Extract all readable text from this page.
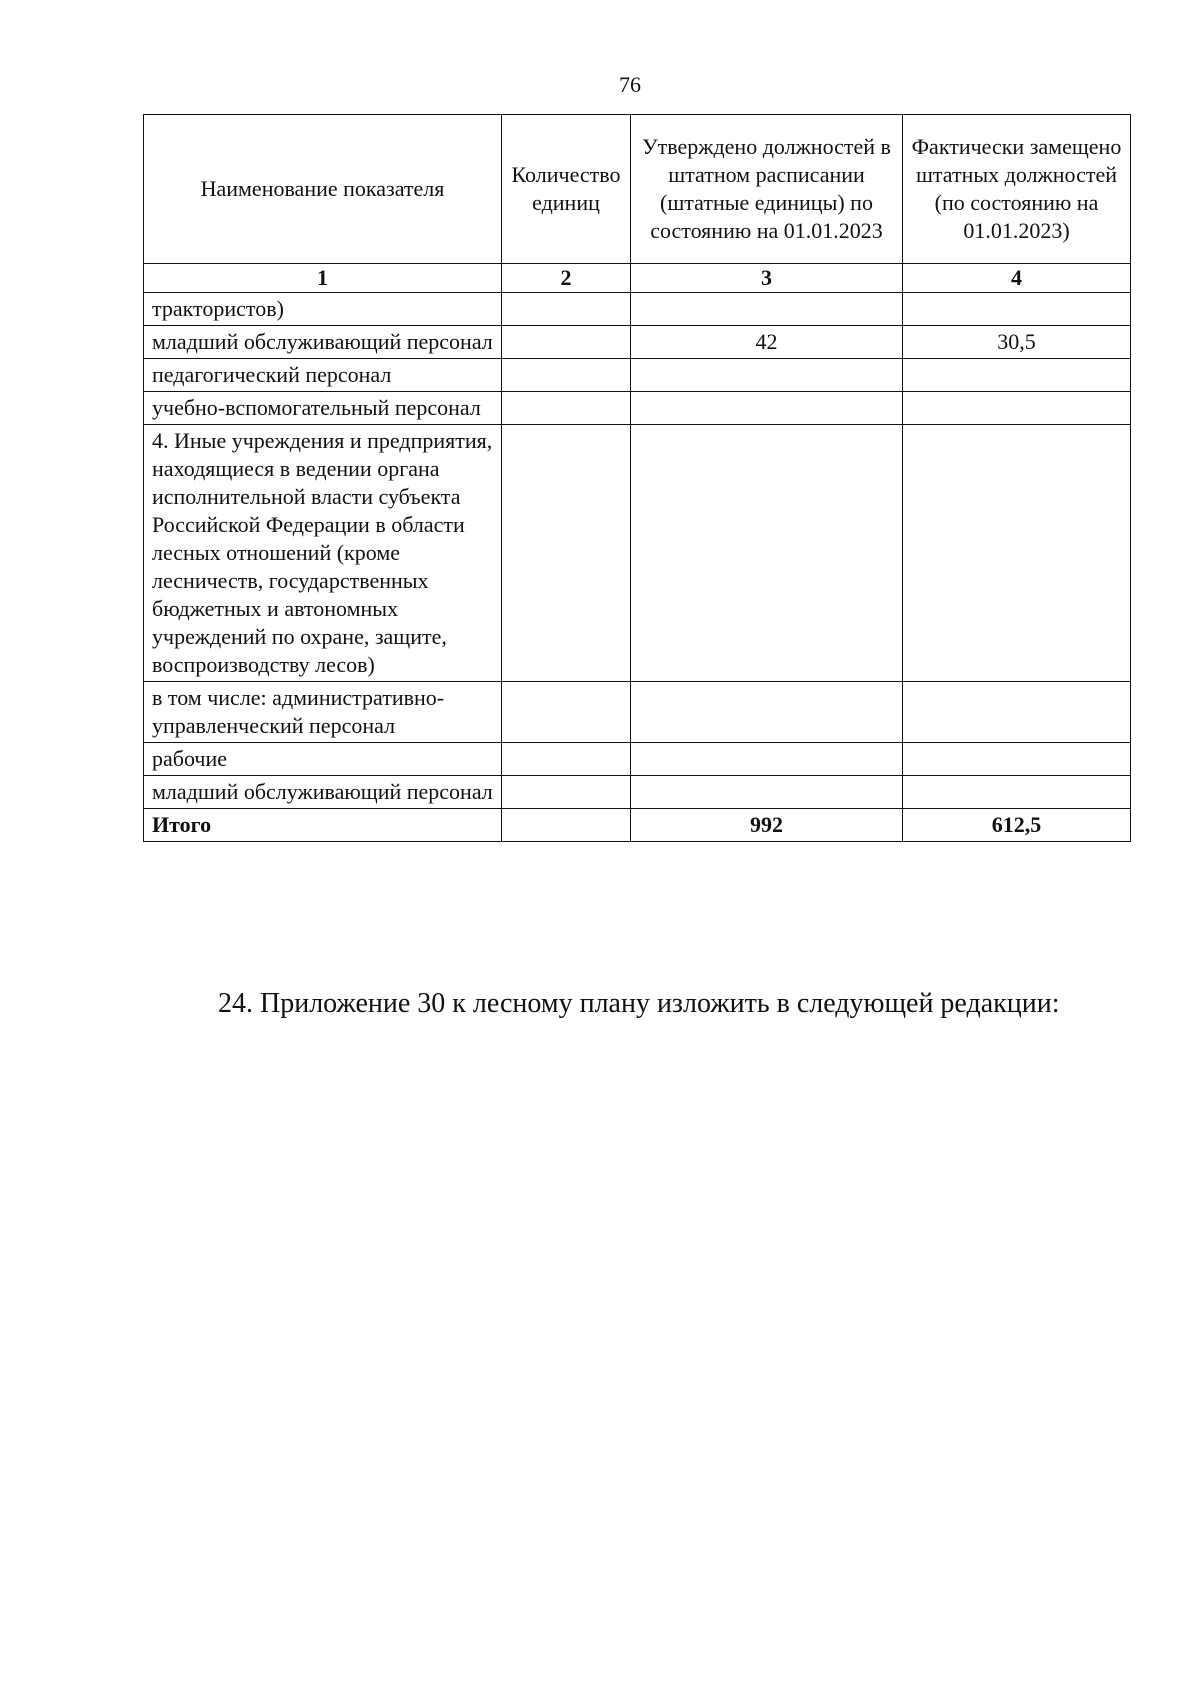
76
Наименование показателя	Количество единиц	Утверждено должностей в штатном расписании (штатные единицы) по состоянию на 01.01.2023	Фактически замещено штатных должностей (по состоянию на 01.01.2023)
1	2	3	4
трактористов)			
младший обслуживающий персонал		42	30,5
педагогический персонал			
учебно-вспомогательный персонал			
4. Иные учреждения и предприятия, находящиеся в ведении органа исполнительной власти субъекта Российской Федерации в области лесных отношений (кроме лесничеств, государственных бюджетных и автономных учреждений по охране, защите, воспроизводству лесов)			
в том числе: административно-управленческий персонал			
рабочие			
младший обслуживающий персонал			
Итого		992	612,5
24. Приложение 30 к лесному плану изложить в следующей редакции:
